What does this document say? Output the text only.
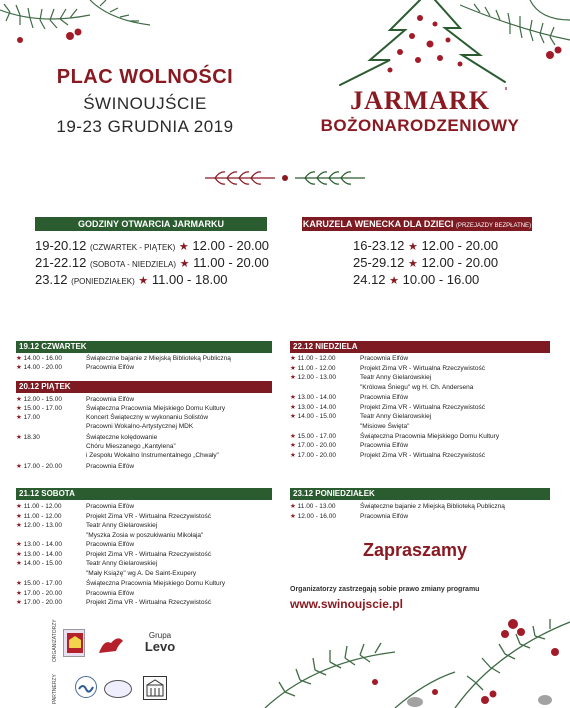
PLAC WOLNOŚCI
ŚWINOUJŚCIE
19-23 GRUDNIA 2019
JARMARK
BOŻONARODZENIOWY
GODZINY OTWARCIA JARMARKU
19-20.12 (CZWARTEK - PIĄTEK) ★ 12.00 - 20.00
21-22.12 (SOBOTA - NIEDZIELA) ★ 11.00 - 20.00
23.12 (PONIEDZIAŁEK) ★ 11.00 - 18.00
KARUZELA WENECKA DLA DZIECI (PRZEJAZDY BEZPŁATNE)
16-23.12 ★ 12.00 - 20.00
25-29.12 ★ 12.00 - 20.00
24.12 ★ 10.00 - 16.00
19.12 CZWARTEK
★ 14.00 - 16.00	Świąteczne bajanie z Miejską Biblioteką Publiczną
★ 14.00 - 20.00	Pracownia Elfów
20.12 PIĄTEK
★ 12.00 - 15.00	Pracownia Elfów
★ 15.00 - 17.00	Świąteczna Pracownia Miejskiego Domu Kultury
★ 17.00	Koncert Świąteczny w wykonaniu Solistów
Pracowni Wokalno-Artystycznej MDK
★ 18.30	Świąteczne kolędowanie
Chóru Mieszanego „Kantylena”
i Zespołu Wokalno Instrumentalnego „Chwały”
★ 17.00 - 20.00	Pracownia Elfów
21.12 SOBOTA
★ 11.00 - 12.00	Pracownia Elfów
★ 11.00 - 12.00	Projekt Zima VR - Wirtualna Rzeczywistość
★ 12.00 - 13.00	Teatr Anny Gielarowskiej
"Myszka Zosia w poszukiwaniu Mikołaja"
★ 13.00 - 14.00	Pracownia Elfów
★ 13.00 - 14.00	Projekt Zima VR - Wirtualna Rzeczywistość
★ 14.00 - 15.00	Teatr Anny Gielarowskiej
"Mały Książę" wg A. De Saint-Exupery
★ 15.00 - 17.00	Świąteczna Pracownia Miejskiego Domu Kultury
★ 17.00 - 20.00	Pracownia Elfów
★ 17.00 - 20.00	Projekt Zima VR - Wirtualna Rzeczywistość
22.12 NIEDZIELA
★ 11.00 - 12.00	Pracownia Elfów
★ 11.00 - 12.00	Projekt Zima VR - Wirtualna Rzeczywistość
★ 12.00 - 13.00	Teatr Anny Gielarowskiej
"Królowa Śniegu" wg H. Ch. Andersena
★ 13.00 - 14.00	Pracownia Elfów
★ 13.00 - 14.00	Projekt Zima VR - Wirtualna Rzeczywistość
★ 14.00 - 15.00	Teatr Anny Gielarowskiej
"Misiowe Święta"
★ 15.00 - 17.00	Świąteczna Pracownia Miejskiego Domu Kultury
★ 17.00 - 20.00	Pracownia Elfów
★ 17.00 - 20.00	Projekt Zima VR - Wirtualna Rzeczywistość
23.12 PONIEDZIAŁEK
★ 11.00 - 13.00	Świąteczne bajanie z Miejską Biblioteką Publiczną
★ 12.00 - 16.00	Pracownia Elfów
Zapraszamy
Organizatorzy zastrzegają sobie prawo zmiany programu
www.swinoujscie.pl
ORGANIZATORZY	Grupa
Levo
PARTNERZY
